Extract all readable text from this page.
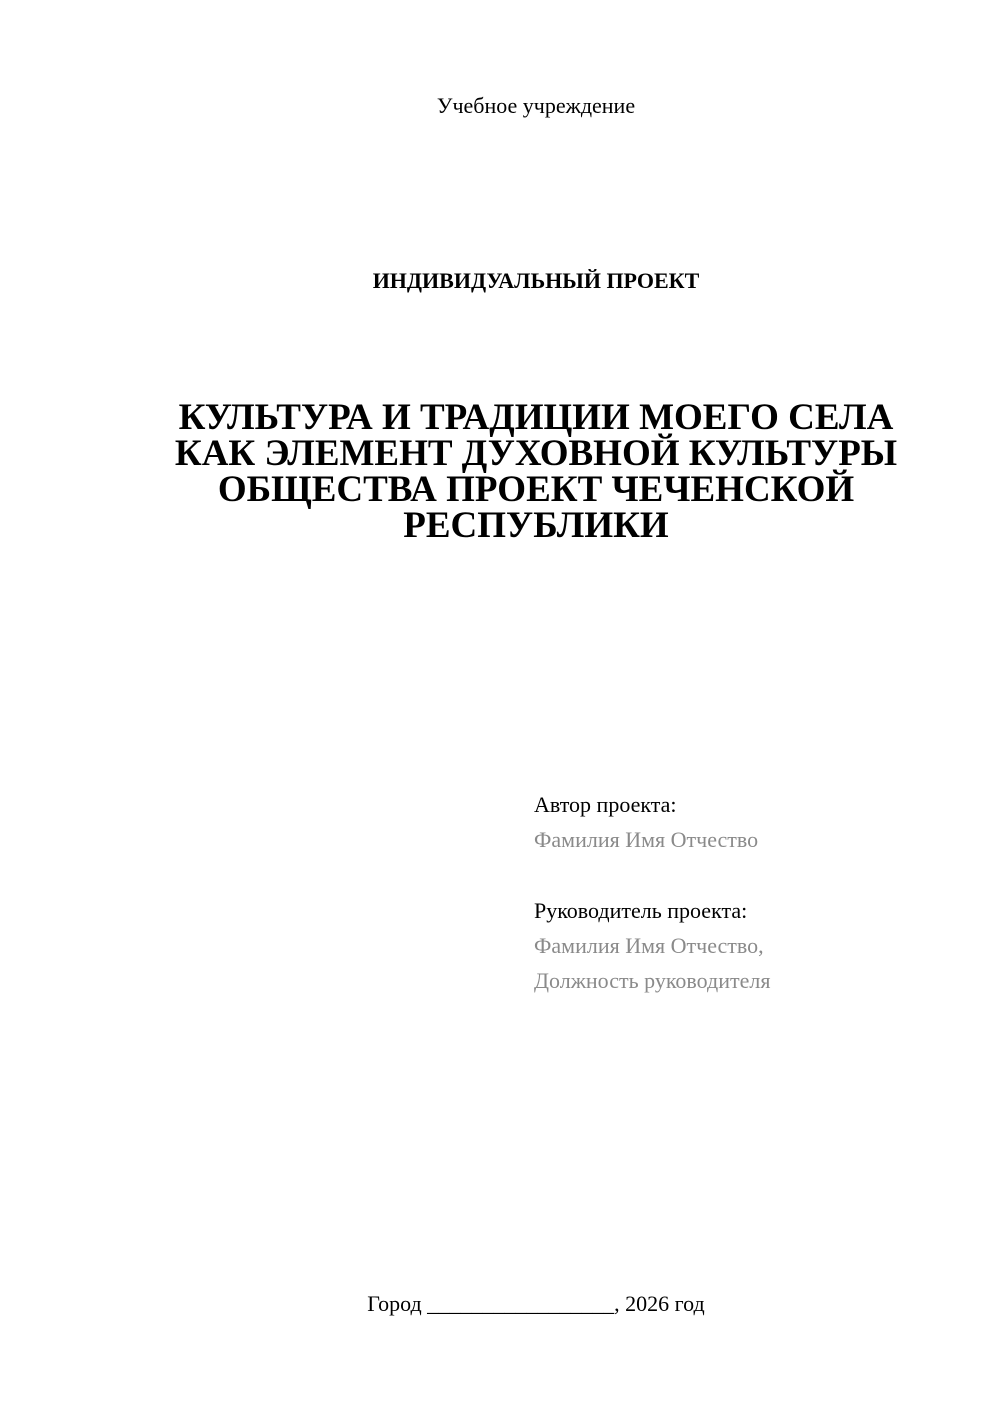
Учебное учреждение
ИНДИВИДУАЛЬНЫЙ ПРОЕКТ
КУЛЬТУРА И ТРАДИЦИИ МОЕГО СЕЛА
КАК ЭЛЕМЕНТ ДУХОВНОЙ КУЛЬТУРЫ
ОБЩЕСТВА ПРОЕКТ ЧЕЧЕНСКОЙ
РЕСПУБЛИКИ
Автор проекта:
Фамилия Имя Отчество
Руководитель проекта:
Фамилия Имя Отчество,
Должность руководителя
Город _________________, 2026 год
